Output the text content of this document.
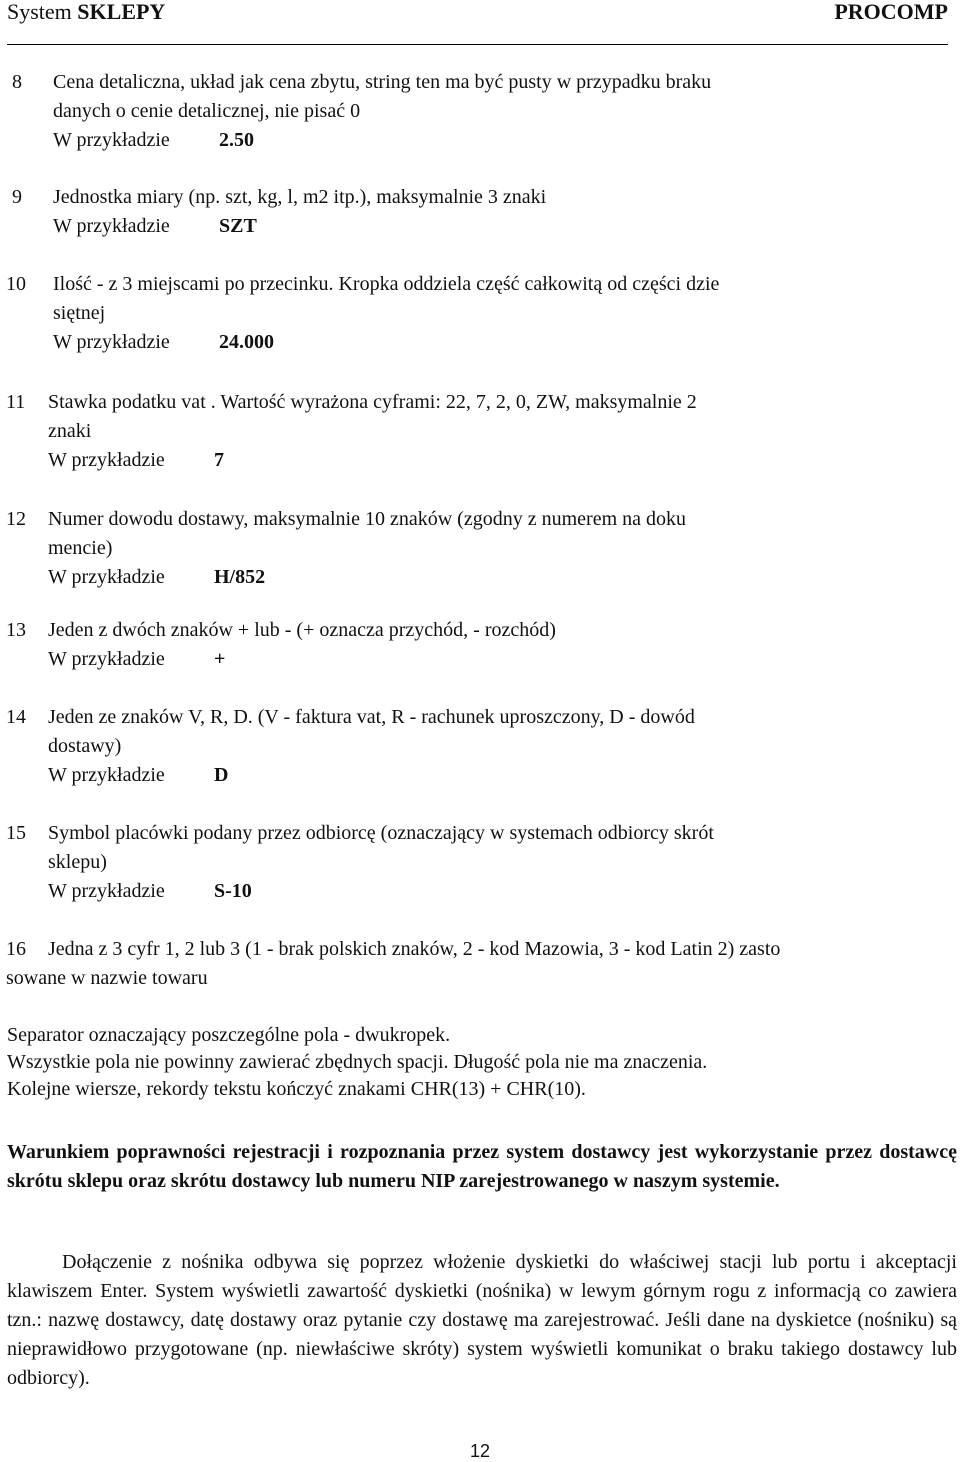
System SKLEPY	PROCOMP
8	Cena detaliczna, układ jak cena zbytu, string ten ma być pusty w przypadku braku
danych o cenie detalicznej, nie pisać 0
W przykładzie 2.50
9	Jednostka miary (np. szt, kg, l, m2 itp.), maksymalnie 3 znaki
W przykładzie SZT
10	Ilość - z 3 miejscami po przecinku. Kropka oddziela część całkowitą od części dzie
siętnej
W przykładzie 24.000
11	Stawka podatku vat . Wartość wyrażona cyframi: 22, 7, 2, 0, ZW, maksymalnie 2
znaki
W przykładzie 7
12	Numer dowodu dostawy, maksymalnie 10 znaków (zgodny z numerem na doku
mencie)
W przykładzie H/852
13	Jeden z dwóch znaków + lub - (+ oznacza przychód, - rozchód)
W przykładzie +
14	Jeden ze znaków V, R, D. (V - faktura vat, R - rachunek uproszczony, D - dowód
dostawy)
W przykładzie D
15	Symbol placówki podany przez odbiorcę (oznaczający w systemach odbiorcy skrót
sklepu)
W przykładzie S-10
16 Jedna z 3 cyfr 1, 2 lub 3 (1 - brak polskich znaków, 2 - kod Mazowia, 3 - kod Latin 2) zasto
sowane w nazwie towaru
Separator oznaczający poszczególne pola - dwukropek.
Wszystkie pola nie powinny zawierać zbędnych spacji. Długość pola nie ma znaczenia.
Kolejne wiersze, rekordy tekstu kończyć znakami CHR(13) + CHR(10).
Warunkiem poprawności rejestracji i rozpoznania przez system dostawcy jest wykorzystanie przez dostawcę skrótu sklepu oraz skrótu dostawcy lub numeru NIP zarejestrowanego w naszym systemie.
Dołączenie z nośnika odbywa się poprzez włożenie dyskietki do właściwej stacji lub portu i akceptacji klawiszem Enter. System wyświetli zawartość dyskietki (nośnika) w lewym górnym rogu z informacją co zawiera tzn.: nazwę dostawcy, datę dostawy oraz pytanie czy dostawę ma zarejestrować. Jeśli dane na dyskietce (nośniku) są nieprawidłowo przygotowane (np. niewłaściwe skróty) system wyświetli komunikat o braku takiego dostawcy lub odbiorcy).
12
